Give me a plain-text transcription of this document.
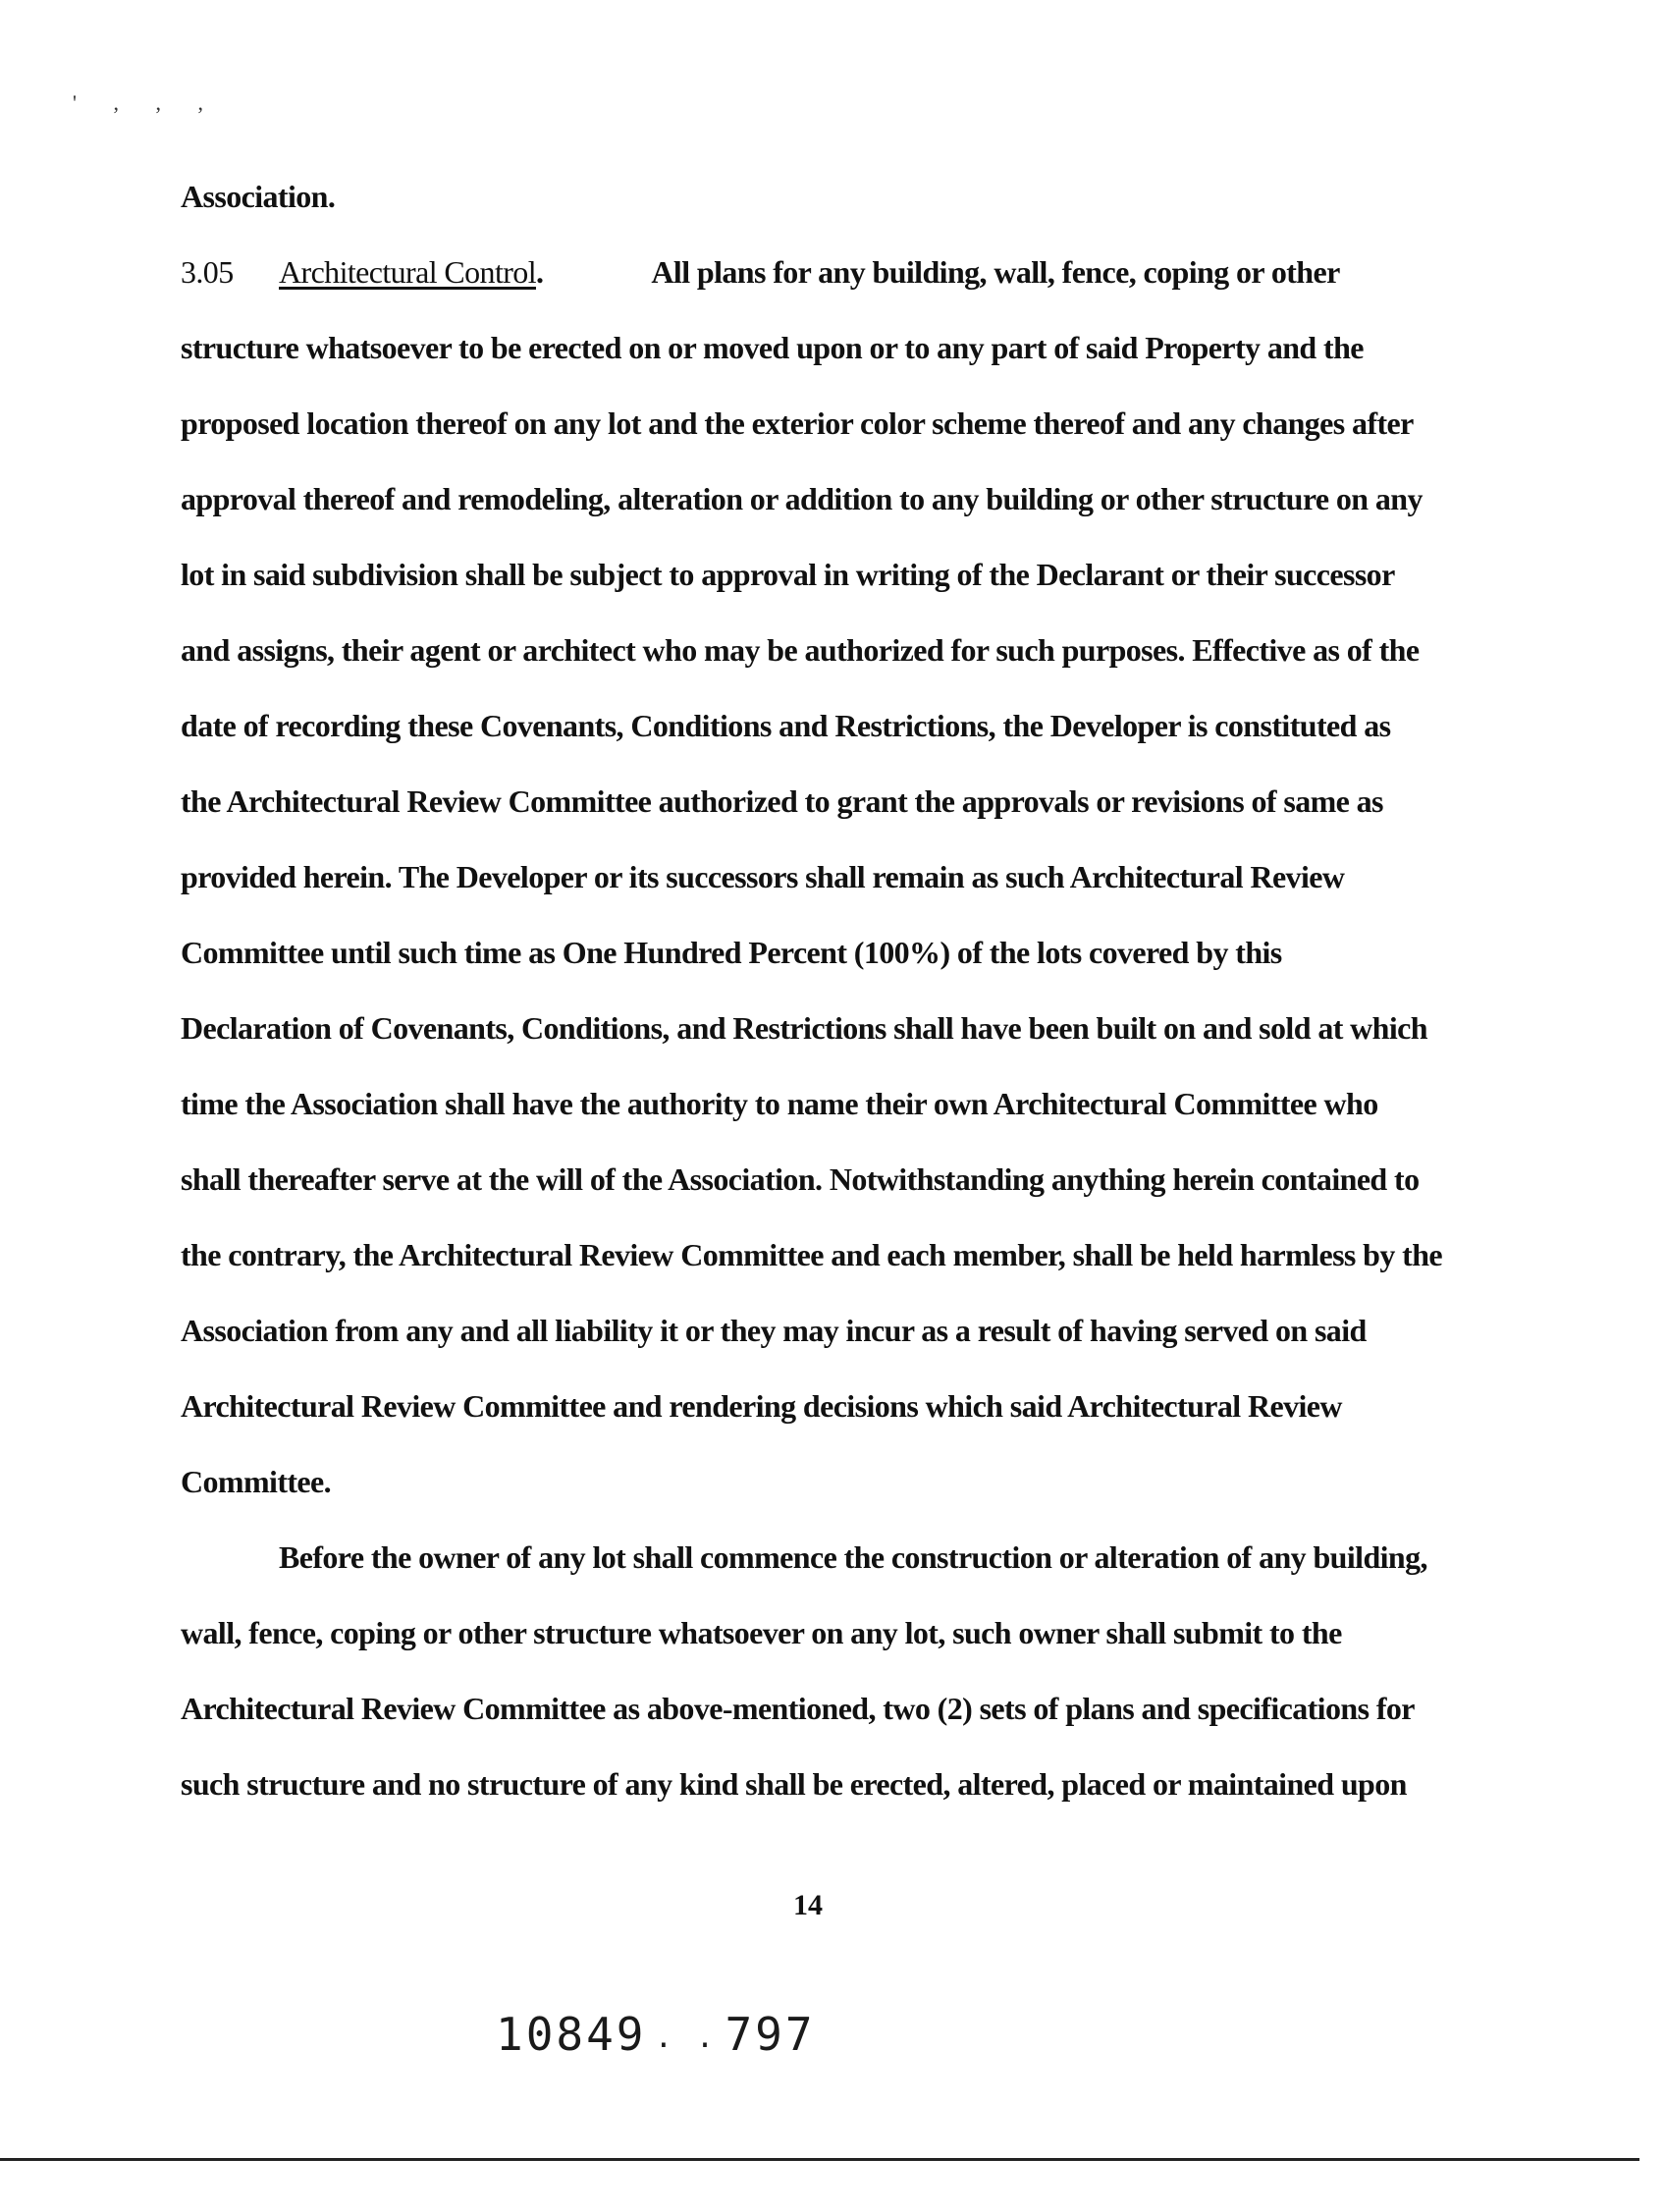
' , , ,
Association.
3.05 Architectural Control.	All plans for any building, wall, fence, coping or other
structure whatsoever to be erected on or moved upon or to any part of said Property and the
proposed location thereof on any lot and the exterior color scheme thereof and any changes after
approval thereof and remodeling, alteration or addition to any building or other structure on any
lot in said subdivision shall be subject to approval in writing of the Declarant or their successor
and assigns, their agent or architect who may be authorized for such purposes. Effective as of the
date of recording these Covenants, Conditions and Restrictions, the Developer is constituted as
the Architectural Review Committee authorized to grant the approvals or revisions of same as
provided herein. The Developer or its successors shall remain as such Architectural Review
Committee until such time as One Hundred Percent (100%) of the lots covered by this
Declaration of Covenants, Conditions, and Restrictions shall have been built on and sold at which
time the Association shall have the authority to name their own Architectural Committee who
shall thereafter serve at the will of the Association. Notwithstanding anything herein contained to
the contrary, the Architectural Review Committee and each member, shall be held harmless by the
Association from any and all liability it or they may incur as a result of having served on said
Architectural Review Committee and rendering decisions which said Architectural Review
Committee.
Before the owner of any lot shall commence the construction or alteration of any building,
wall, fence, coping or other structure whatsoever on any lot, such owner shall submit to the
Architectural Review Committee as above-mentioned, two (2) sets of plans and specifications for
such structure and no structure of any kind shall be erected, altered, placed or maintained upon
14
10849 . . 797
